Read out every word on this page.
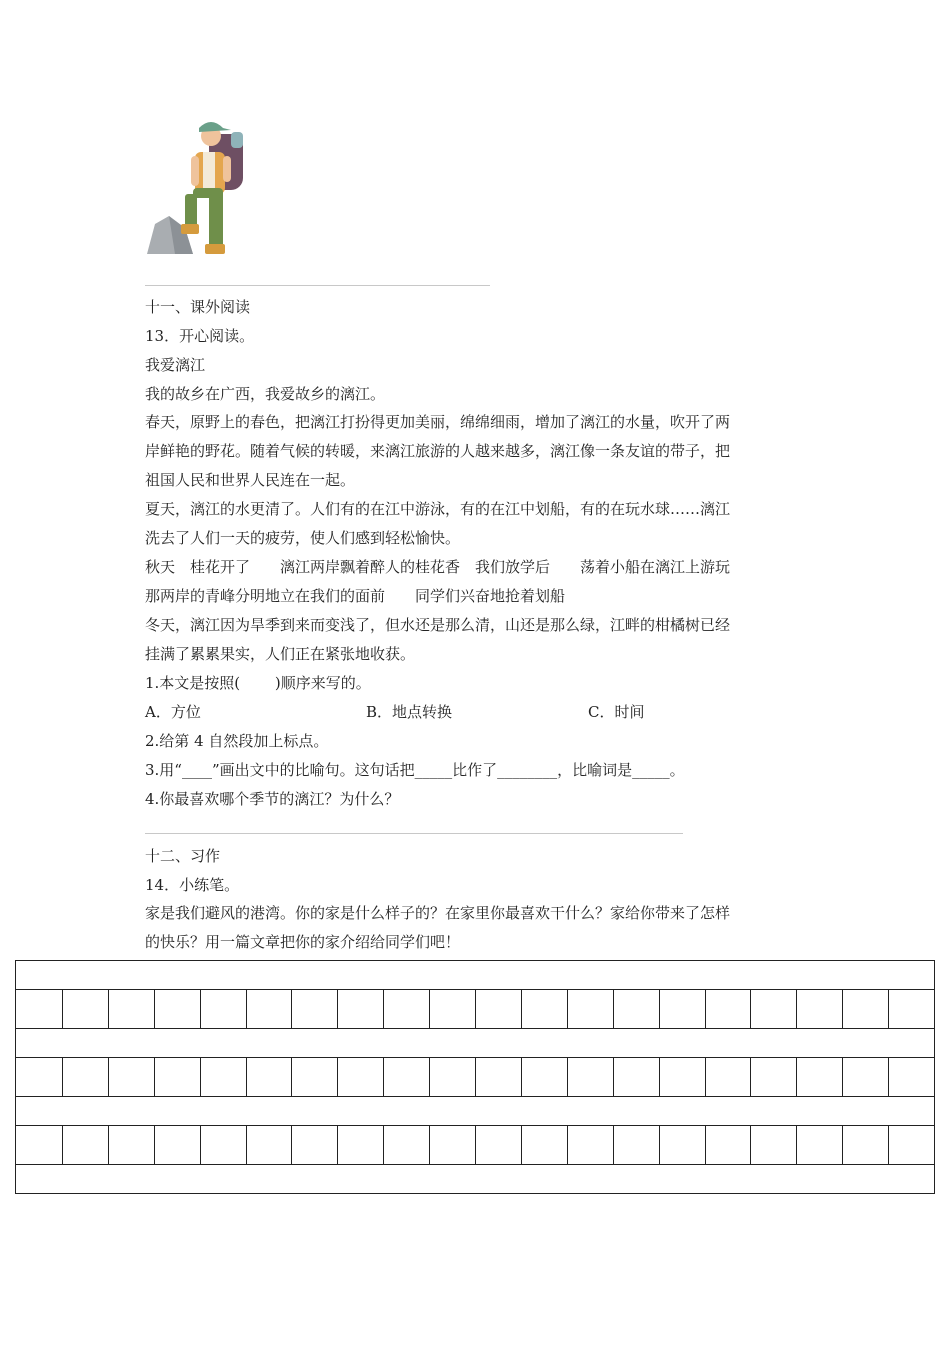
十一、课外阅读
13．开心阅读。
我爱漓江
我的故乡在广西，我爱故乡的漓江。
春天，原野上的春色，把漓江打扮得更加美丽，绵绵细雨，增加了漓江的水量，吹开了两
岸鲜艳的野花。随着气候的转暖，来漓江旅游的人越来越多，漓江像一条友谊的带子，把
祖国人民和世界人民连在一起。
夏天，漓江的水更清了。人们有的在江中游泳，有的在江中划船，有的在玩水球……漓江
洗去了人们一天的疲劳，使人们感到轻松愉快。
秋天　桂花开了　　漓江两岸飘着醉人的桂花香　我们放学后　　荡着小船在漓江上游玩
那两岸的青峰分明地立在我们的面前　　同学们兴奋地抢着划船
冬天，漓江因为旱季到来而变浅了，但水还是那么清，山还是那么绿，江畔的柑橘树已经
挂满了累累果实，人们正在紧张地收获。
1.本文是按照(　　 )顺序来写的。
A．方位	B．地点转换	C．时间
2.给第 4 自然段加上标点。
3.用“____”画出文中的比喻句。这句话把_____比作了________，比喻词是_____。
4.你最喜欢哪个季节的漓江？为什么？
十二、习作
14．小练笔。
家是我们避风的港湾。你的家是什么样子的？在家里你最喜欢干什么？家给你带来了怎样
的快乐？用一篇文章把你的家介绍给同学们吧！
